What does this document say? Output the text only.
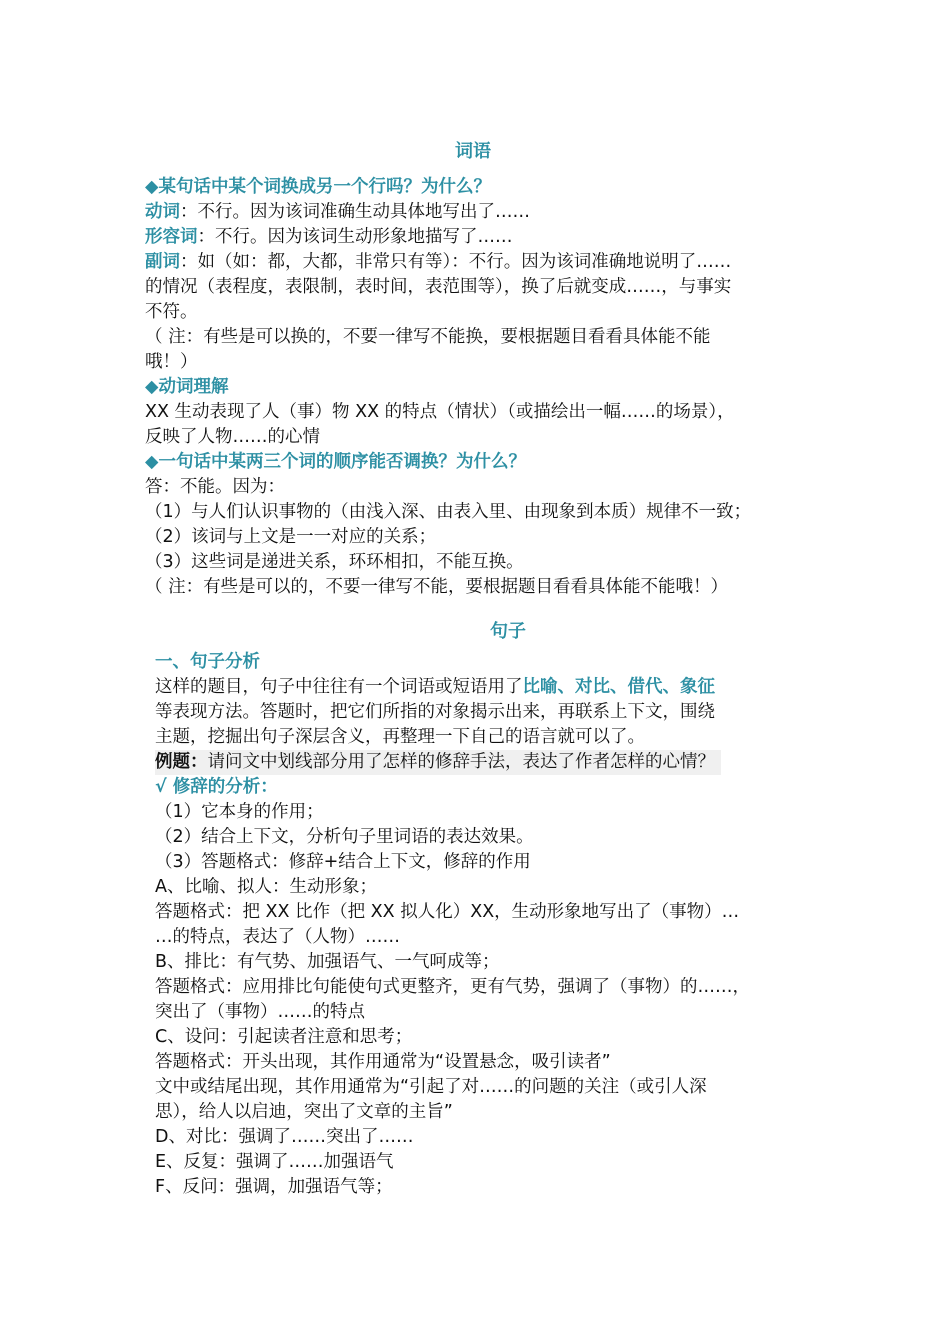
词语
◆某句话中某个词换成另一个行吗？为什么？
动词：不行。因为该词准确生动具体地写出了……
形容词：不行。因为该词生动形象地描写了……
副词：如（如：都，大都，非常只有等）：不行。因为该词准确地说明了……
的情况（表程度，表限制，表时间，表范围等），换了后就变成……，与事实
不符。
（ 注：有些是可以换的，不要一律写不能换，要根据题目看看具体能不能
哦！）
◆动词理解
XX 生动表现了人（事）物 XX 的特点（情状）（或描绘出一幅……的场景），
反映了人物……的心情
◆一句话中某两三个词的顺序能否调换？为什么？
答：不能。因为：
（1）与人们认识事物的（由浅入深、由表入里、由现象到本质）规律不一致；
（2）该词与上文是一一对应的关系；
（3）这些词是递进关系，环环相扣，不能互换。
（ 注：有些是可以的，不要一律写不能，要根据题目看看具体能不能哦！）
句子
一、句子分析
这样的题目，句子中往往有一个词语或短语用了比喻、对比、借代、象征
等表现方法。答题时，把它们所指的对象揭示出来，再联系上下文，围绕
主题，挖掘出句子深层含义，再整理一下自己的语言就可以了。
例题：请问文中划线部分用了怎样的修辞手法，表达了作者怎样的心情？
√ 修辞的分析：
（1）它本身的作用；
（2）结合上下文，分析句子里词语的表达效果。
（3）答题格式：修辞+结合上下文，修辞的作用
A、比喻、拟人：生动形象；
答题格式：把 XX 比作（把 XX 拟人化）XX，生动形象地写出了（事物）…
…的特点，表达了（人物）……
B、排比：有气势、加强语气、一气呵成等；
答题格式：应用排比句能使句式更整齐，更有气势，强调了（事物）的……，
突出了（事物）……的特点
C、设问：引起读者注意和思考；
答题格式：开头出现，其作用通常为“设置悬念，吸引读者”
文中或结尾出现，其作用通常为“引起了对……的问题的关注（或引人深
思），给人以启迪，突出了文章的主旨”
D、对比：强调了……突出了……
E、反复：强调了……加强语气
F、反问：强调，加强语气等；
